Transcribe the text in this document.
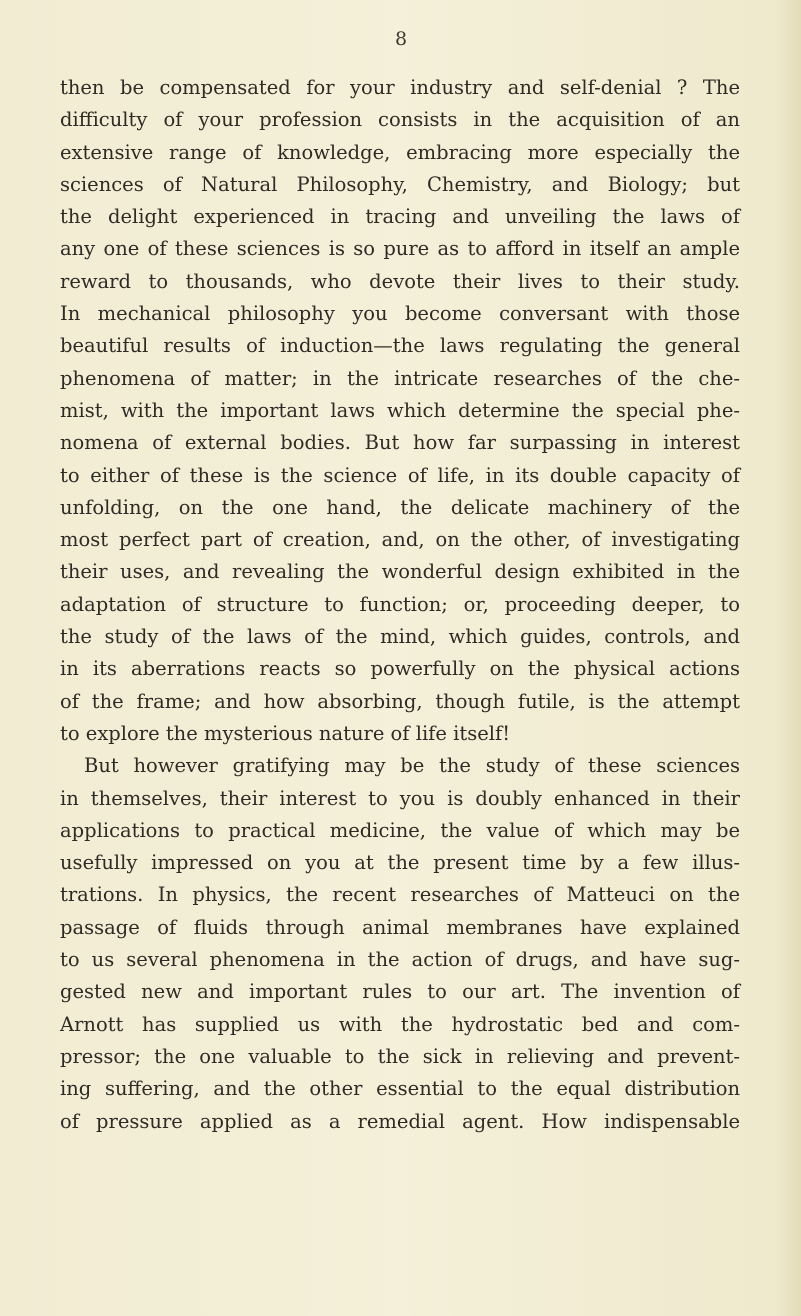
8
then be compensated for your industry and self-denial ? The
difficulty of your profession consists in the acquisition of an
extensive range of knowledge, embracing more especially the
sciences of Natural Philosophy, Chemistry, and Biology; but
the delight experienced in tracing and unveiling the laws of
any one of these sciences is so pure as to afford in itself an ample
reward to thousands, who devote their lives to their study.
In mechanical philosophy you become conversant with those
beautiful results of induction—the laws regulating the general
phenomena of matter; in the intricate researches of the che-
mist, with the important laws which determine the special phe-
nomena of external bodies. But how far surpassing in interest
to either of these is the science of life, in its double capacity of
unfolding, on the one hand, the delicate machinery of the
most perfect part of creation, and, on the other, of investigating
their uses, and revealing the wonderful design exhibited in the
adaptation of structure to function; or, proceeding deeper, to
the study of the laws of the mind, which guides, controls, and
in its aberrations reacts so powerfully on the physical actions
of the frame; and how absorbing, though futile, is the attempt
to explore the mysterious nature of life itself!
But however gratifying may be the study of these sciences
in themselves, their interest to you is doubly enhanced in their
applications to practical medicine, the value of which may be
usefully impressed on you at the present time by a few illus-
trations. In physics, the recent researches of Matteuci on the
passage of fluids through animal membranes have explained
to us several phenomena in the action of drugs, and have sug-
gested new and important rules to our art. The invention of
Arnott has supplied us with the hydrostatic bed and com-
pressor; the one valuable to the sick in relieving and prevent-
ing suffering, and the other essential to the equal distribution
of pressure applied as a remedial agent. How indispensable
